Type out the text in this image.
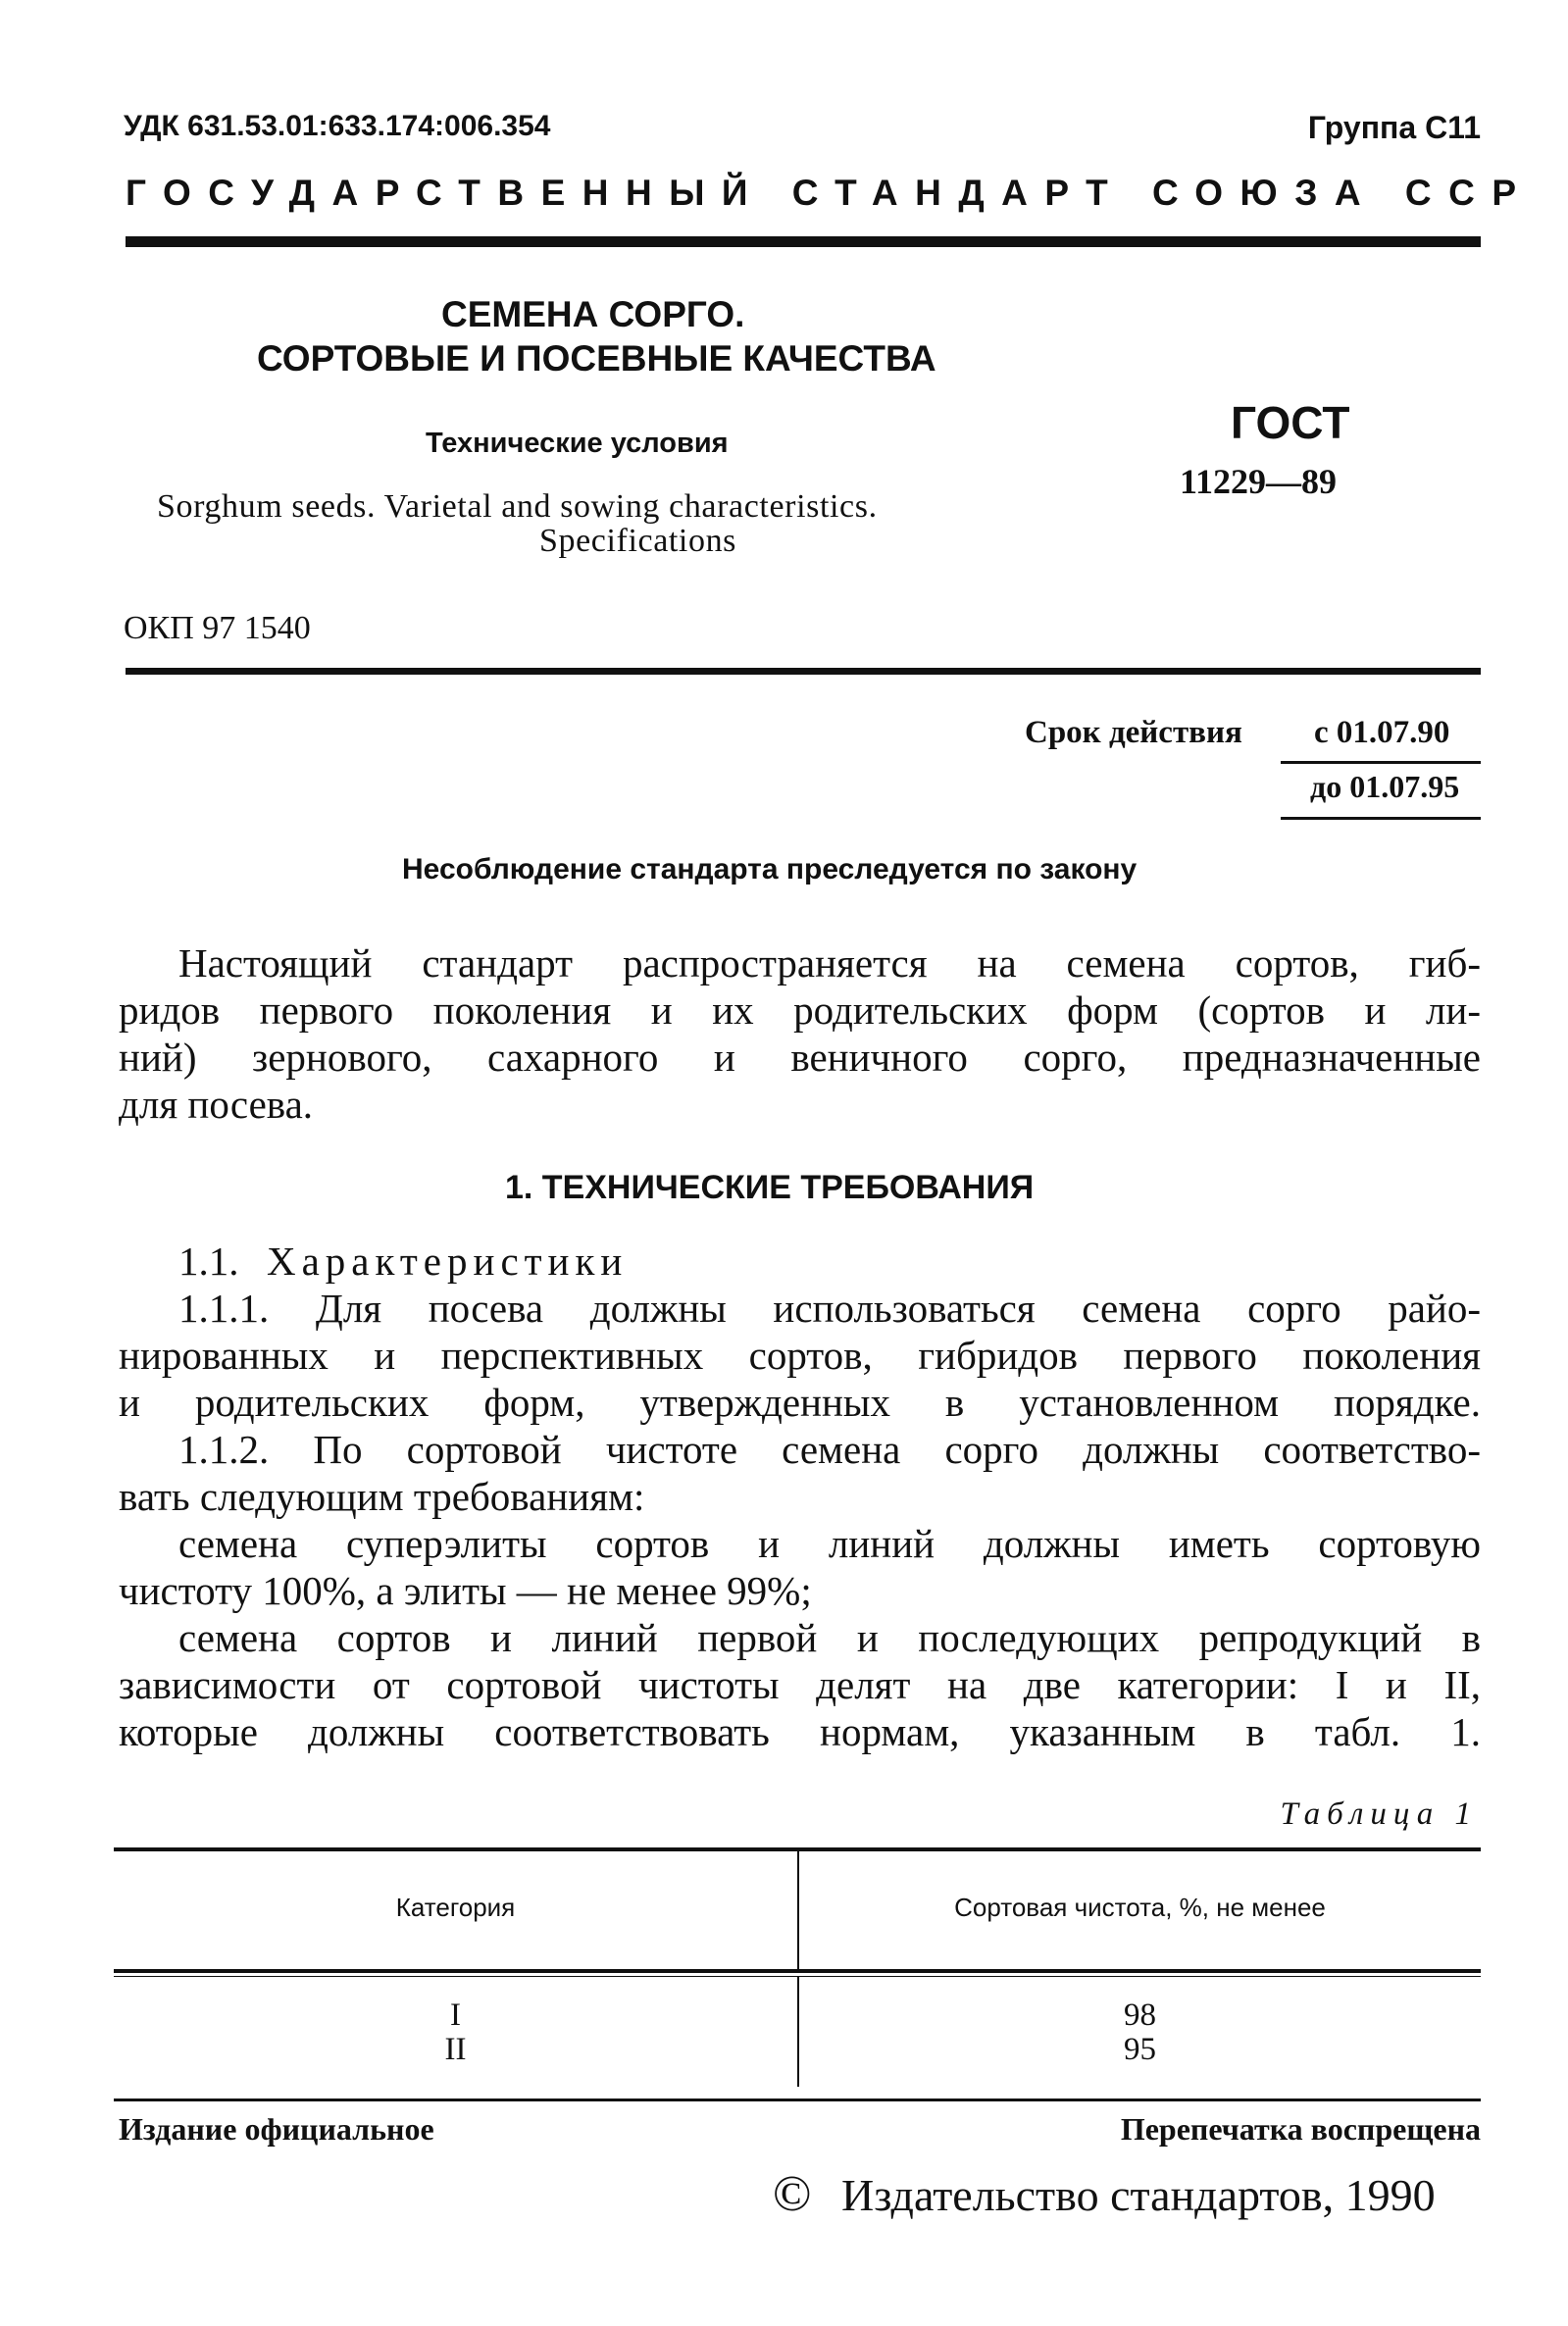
УДК 631.53.01:633.174:006.354	Группа С11
ГОСУДАРСТВЕННЫЙ СТАНДАРТ СОЮЗА ССР
СЕМЕНА СОРГО.
СОРТОВЫЕ И ПОСЕВНЫЕ КАЧЕСТВА
Технические условия
Sorghum seeds. Varietal and sowing characteristics.
Specifications
ГОСТ
11229—89
ОКП 97 1540
Срок действия с 01.07.90
до 01.07.95
Несоблюдение стандарта преследуется по закону
Настоящий стандарт распространяется на семена сортов, гиб-
ридов первого поколения и их родительских форм (сортов и ли-
ний) зернового, сахарного и веничного сорго, предназначенные
для посева.
1. ТЕХНИЧЕСКИЕ ТРЕБОВАНИЯ
1.1. Характеристики
1.1.1. Для посева должны использоваться семена сорго райо-
нированных и перспективных сортов, гибридов первого поколения
и родительских форм, утвержденных в установленном порядке.
1.1.2. По сортовой чистоте семена сорго должны соответство-
вать следующим требованиям:
семена суперэлиты сортов и линий должны иметь сортовую
чистоту 100%, а элиты — не менее 99%;
семена сортов и линий первой и последующих репродукций в
зависимости от сортовой чистоты делят на две категории: I и II,
которые должны соответствовать нормам, указанным в табл. 1.
Таблица 1
Категория	Сортовая чистота, %, не менее
I	98
II	95
Издание официальное	Перепечатка воспрещена
© Издательство стандартов, 1990
